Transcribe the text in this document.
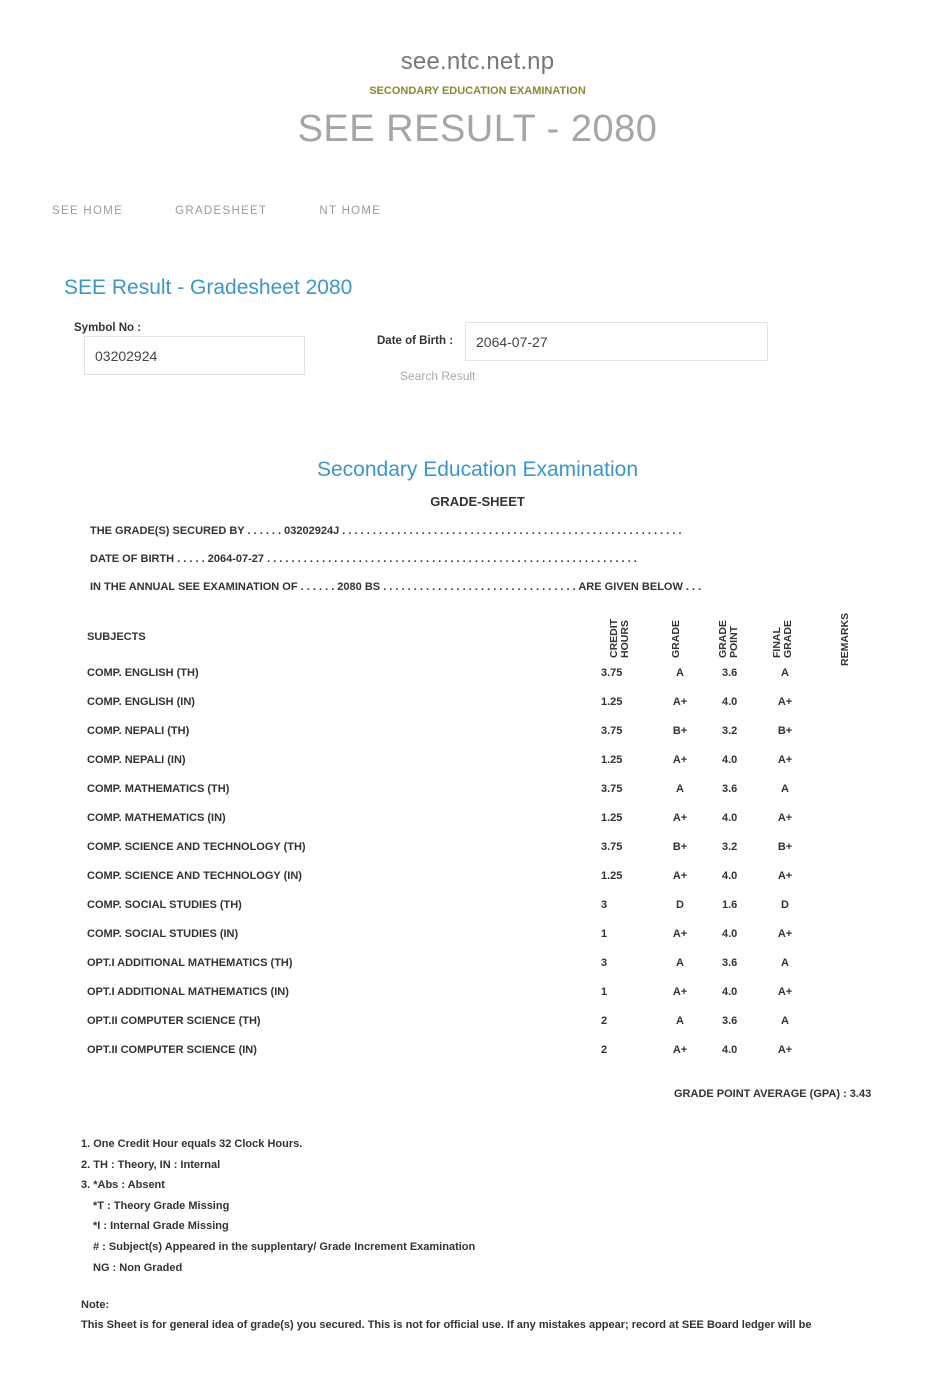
see.ntc.net.np
SECONDARY EDUCATION EXAMINATION
SEE RESULT - 2080
SEE HOME	GRADESHEET	NT HOME
SEE Result - Gradesheet 2080
Symbol No :
03202924
Date of Birth :
2064-07-27
Search Result
Secondary Education Examination
GRADE-SHEET
THE GRADE(S) SECURED BY . . . . . . 03202924J . . . . . . . . . . . . . . . . . . . . . . . . . . . . . . . . . . . . . . . . . . . . . . . . . . . . . . . .
DATE OF BIRTH . . . . . 2064-07-27 . . . . . . . . . . . . . . . . . . . . . . . . . . . . . . . . . . . . . . . . . . . . . . . . . . . . . . . . . . . . .
IN THE ANNUAL SEE EXAMINATION OF . . . . . . 2080 BS . . . . . . . . . . . . . . . . . . . . . . . . . . . . . . . . ARE GIVEN BELOW . . .
SUBJECTS	CREDIT HOURS	GRADE	GRADE POINT	FINAL GRADE	REMARKS
COMP. ENGLISH (TH)	3.75	A	3.6	A
COMP. ENGLISH (IN)	1.25	A+	4.0	A+
COMP. NEPALI (TH)	3.75	B+	3.2	B+
COMP. NEPALI (IN)	1.25	A+	4.0	A+
COMP. MATHEMATICS (TH)	3.75	A	3.6	A
COMP. MATHEMATICS (IN)	1.25	A+	4.0	A+
COMP. SCIENCE AND TECHNOLOGY (TH)	3.75	B+	3.2	B+
COMP. SCIENCE AND TECHNOLOGY (IN)	1.25	A+	4.0	A+
COMP. SOCIAL STUDIES (TH)	3	D	1.6	D
COMP. SOCIAL STUDIES (IN)	1	A+	4.0	A+
OPT.I ADDITIONAL MATHEMATICS (TH)	3	A	3.6	A
OPT.I ADDITIONAL MATHEMATICS (IN)	1	A+	4.0	A+
OPT.II COMPUTER SCIENCE (TH)	2	A	3.6	A
OPT.II COMPUTER SCIENCE (IN)	2	A+	4.0	A+
GRADE POINT AVERAGE (GPA) : 3.43
1. One Credit Hour equals 32 Clock Hours.
2. TH : Theory, IN : Internal
3. *Abs : Absent
*T : Theory Grade Missing
*I : Internal Grade Missing
# : Subject(s) Appeared in the supplentary/ Grade Increment Examination
NG : Non Graded
Note:
This Sheet is for general idea of grade(s) you secured. This is not for official use. If any mistakes appear; record at SEE Board ledger will be
